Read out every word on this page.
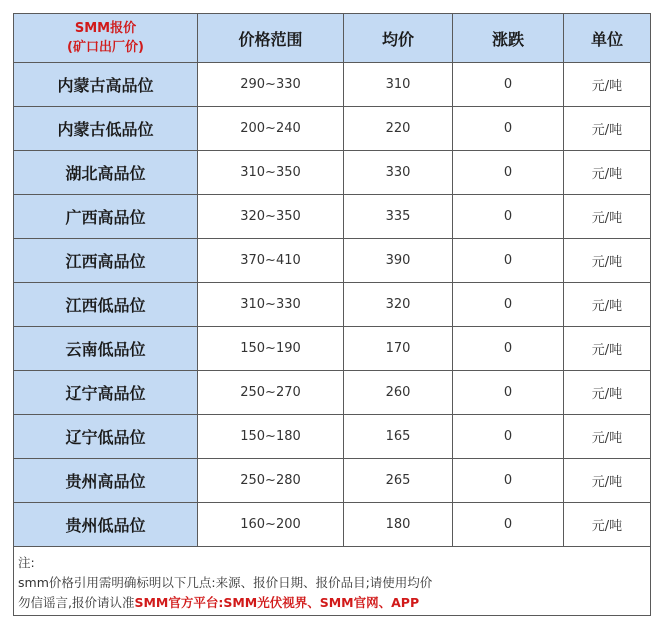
SMM报价
(矿口出厂价)	价格范围	均价	涨跌	单位
内蒙古高品位	290~330	310	0	元/吨
内蒙古低品位	200~240	220	0	元/吨
湖北高品位	310~350	330	0	元/吨
广西高品位	320~350	335	0	元/吨
江西高品位	370~410	390	0	元/吨
江西低品位	310~330	320	0	元/吨
云南低品位	150~190	170	0	元/吨
辽宁高品位	250~270	260	0	元/吨
辽宁低品位	150~180	165	0	元/吨
贵州高品位	250~280	265	0	元/吨
贵州低品位	160~200	180	0	元/吨

注:
smm价格引用需明确标明以下几点:来源、报价日期、报价品目;请使用均价
勿信谣言,报价请认准SMM官方平台:SMM光伏视界、SMM官网、APP				
